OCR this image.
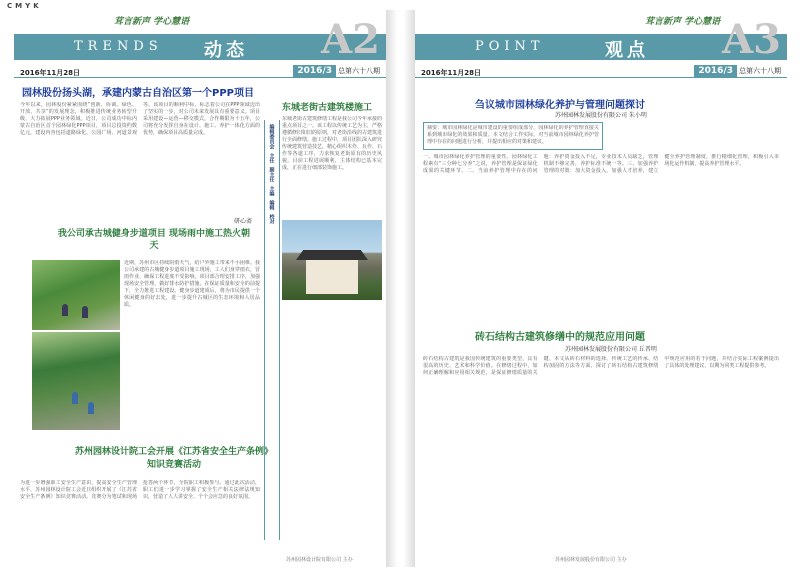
C M Y K
茸言新声 学心慧语
TRENDS 动态 A2
2016年11月28日	2016/3 总第六十八期
园林股份扬头湖，承建内蒙古自治区第一个PPP项目
今年以来，园林股份紧紧围绕“创新、协调、绿色、开放、共享”的发展理念，积极推进传统业务转型升级，大力拓展PPP业务领域。近日，公司成功中标内蒙古自治区首个园林绿化PPP项目，项目总投资约数亿元，建设内容包括道路绿化、公园广场、河道景观等。该项目的顺利中标，标志着公司在PPP领域迈出了坚实的一步，对公司未来发展具有重要意义。项目采用建设—运营—移交模式，合作期限为十五年，公司将充分发挥自身在设计、施工、养护一体化方面的优势，确保项目高质量完成。
研心斋
我公司承古城健身步道项目 现场雨中施工热火朝天
近期，苏州市区持续阴雨天气，给户外施工带来不小困难。我公司承建的古城健身步道项目施工现场，工人们身穿雨衣，冒雨作业，确保工程进度不受影响。项目部合理安排工序，加强现场安全管理，做好排水防护措施，在保证质量和安全的前提下，全力推进工程建设。健身步道建成后，将为市民提供一个休闲健身的好去处，进一步提升古城区的生态环境和人居品质。
苏州园林设计院工会开展《江苏省安全生产条例》知识竞赛活动
为进一步增强职工安全生产意识，提高安全生产管理水平，苏州园林设计院工会近日组织开展了《江苏省安全生产条例》知识竞赛活动。竞赛分为笔试和现场抢答两个环节，全院职工积极参与。通过此次活动，职工们进一步学习掌握了安全生产相关法律法规知识，营造了人人讲安全、个个会应急的良好氛围。
东城老街古建筑楼施工
东城老街古建筑修缮工程是我公司今年承接的重点项目之一。该工程以传统工艺为主，严格遵循修旧如旧的原则，对老街沿线的古建筑进行全面修缮。施工过程中，项目团队深入研究传统建筑营造技艺，精心组织木作、瓦作、石作等各道工序，力求恢复老街原有的历史风貌。目前工程进展顺利，主体结构已基本完成，正在进行细部装饰施工。
编辑委员会
主任
副主任
主编
编辑
校对
苏州园林设计院有限公司 主办
茸言新声 学心慧语
POINT	观点 A3
2016年11月28日	2016/3 总第六十八期
刍议城市园林绿化养护与管理问题探讨
苏州园林发展股份有限公司 朱小明
摘要：城市园林绿化是城市建设的重要组成部分，园林绿化的养护管理直接关系到城市绿化的效果和质量。本文结合工作实际，对当前城市园林绿化养护管理中存在的问题进行分析，并提出相应的对策和建议。
一、城市园林绿化养护管理的重要性。园林绿化工程素有“三分种七分养”之说，养护管理是保证绿化成果的关键环节。二、当前养护管理中存在的问题：养护资金投入不足，专业技术人员缺乏，管理机制不够完善，养护标准不统一等。三、加强养护管理的对策：加大资金投入，加强人才培养，建立健全养护管理制度，推行精细化管理，积极引入市场化运作机制，提高养护管理水平。
砖石结构古建筑修缮中的规范应用问题
苏州园林发展股份有限公司 丘晋明
砖石结构古建筑是我国传统建筑的重要类型，具有很高的历史、艺术和科学价值。在修缮过程中，如何正确理解和应用相关规范，是保证修缮质量的关键。本文从砖石材料的选择、传统工艺的传承、结构加固的方法等方面，探讨了砖石结构古建筑修缮中规范应用的若干问题，并结合实际工程案例提出了具体的处理建议，以期为同类工程提供参考。
苏州园林发展股份有限公司 主办
